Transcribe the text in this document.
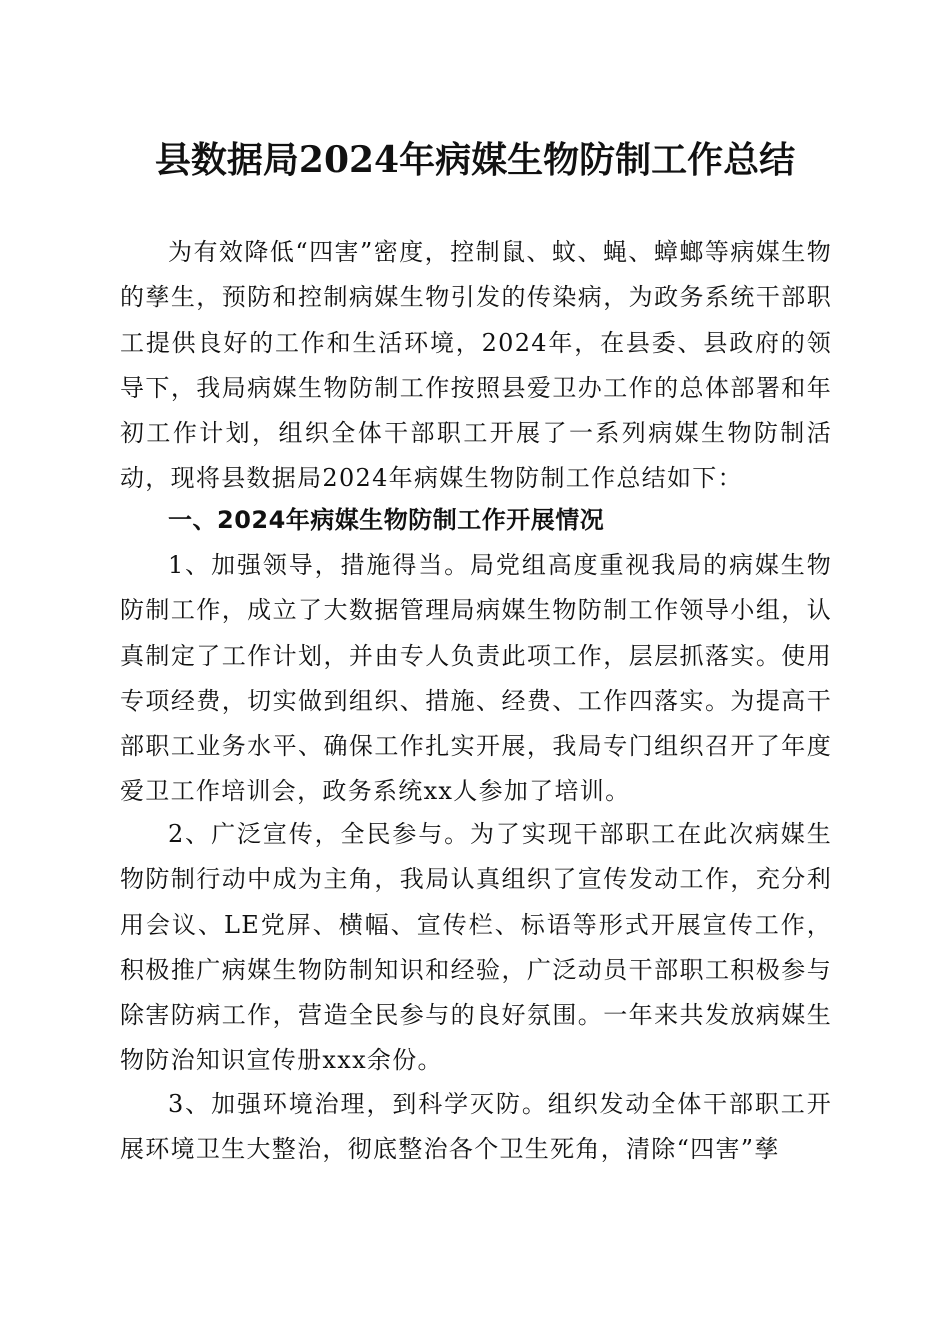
县数据局2024年病媒生物防制工作总结

为有效降低“四害”密度，控制鼠、蚊、蝇、蟑螂等病媒生物的孳生，预防和控制病媒生物引发的传染病，为政务系统干部职工提供良好的工作和生活环境，2024年，在县委、县政府的领导下，我局病媒生物防制工作按照县爱卫办工作的总体部署和年初工作计划，组织全体干部职工开展了一系列病媒生物防制活动，现将县数据局2024年病媒生物防制工作总结如下：

一、2024年病媒生物防制工作开展情况

1、加强领导，措施得当。局党组高度重视我局的病媒生物防制工作，成立了大数据管理局病媒生物防制工作领导小组，认真制定了工作计划，并由专人负责此项工作，层层抓落实。使用专项经费，切实做到组织、措施、经费、工作四落实。为提高干部职工业务水平、确保工作扎实开展，我局专门组织召开了年度爱卫工作培训会，政务系统xx人参加了培训。

2、广泛宣传，全民参与。为了实现干部职工在此次病媒生物防制行动中成为主角，我局认真组织了宣传发动工作，充分利用会议、LE党屏、横幅、宣传栏、标语等形式开展宣传工作，积极推广病媒生物防制知识和经验，广泛动员干部职工积极参与除害防病工作，营造全民参与的良好氛围。一年来共发放病媒生物防治知识宣传册xxx余份。

3、加强环境治理，到科学灭防。组织发动全体干部职工开展环境卫生大整治，彻底整治各个卫生死角，清除“四害”孳
